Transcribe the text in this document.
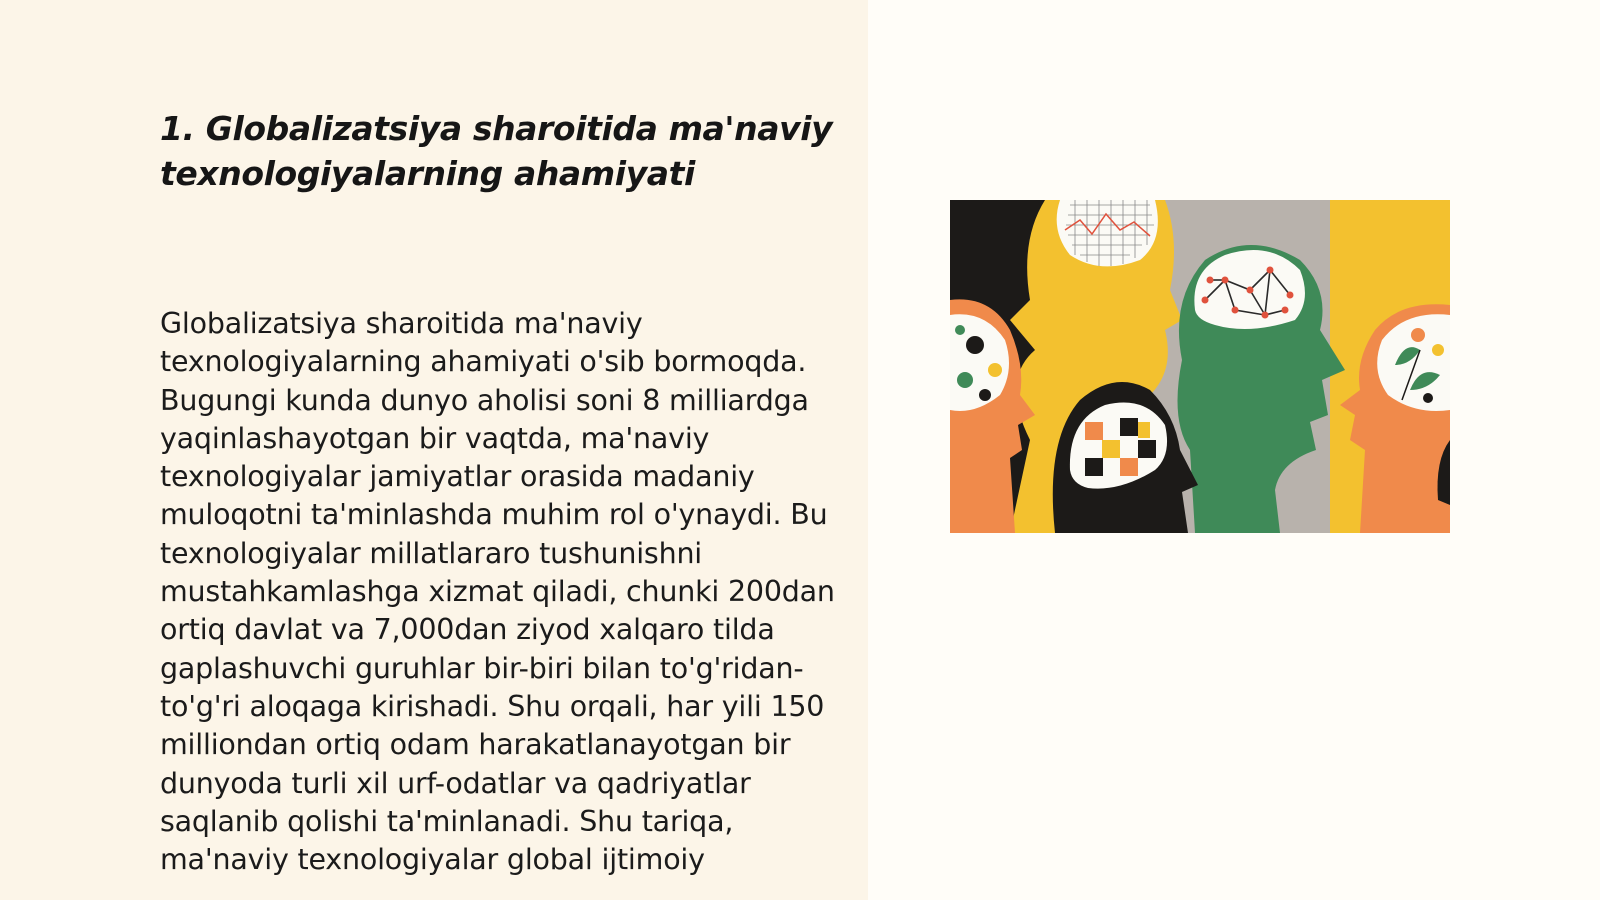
1. Globalizatsiya sharoitida ma'naviy texnologiyalarning ahamiyati

Globalizatsiya sharoitida ma'naviy texnologiyalarning ahamiyati o'sib bormoqda. Bugungi kunda dunyo aholisi soni 8 milliardga yaqinlashayotgan bir vaqtda, ma'naviy texnologiyalar jamiyatlar orasida madaniy muloqotni ta'minlashda muhim rol o'ynaydi. Bu texnologiyalar millatlararo tushunishni mustahkamlashga xizmat qiladi, chunki 200dan ortiq davlat va 7,000dan ziyod xalqaro tilda gaplashuvchi guruhlar bir-biri bilan to'g'ridan-to'g'ri aloqaga kirishadi. Shu orqali, har yili 150 milliondan ortiq odam harakatlanayotgan bir dunyoda turli xil urf-odatlar va qadriyatlar saqlanib qolishi ta'minlanadi. Shu tariqa, ma'naviy texnologiyalar global ijtimoiy
